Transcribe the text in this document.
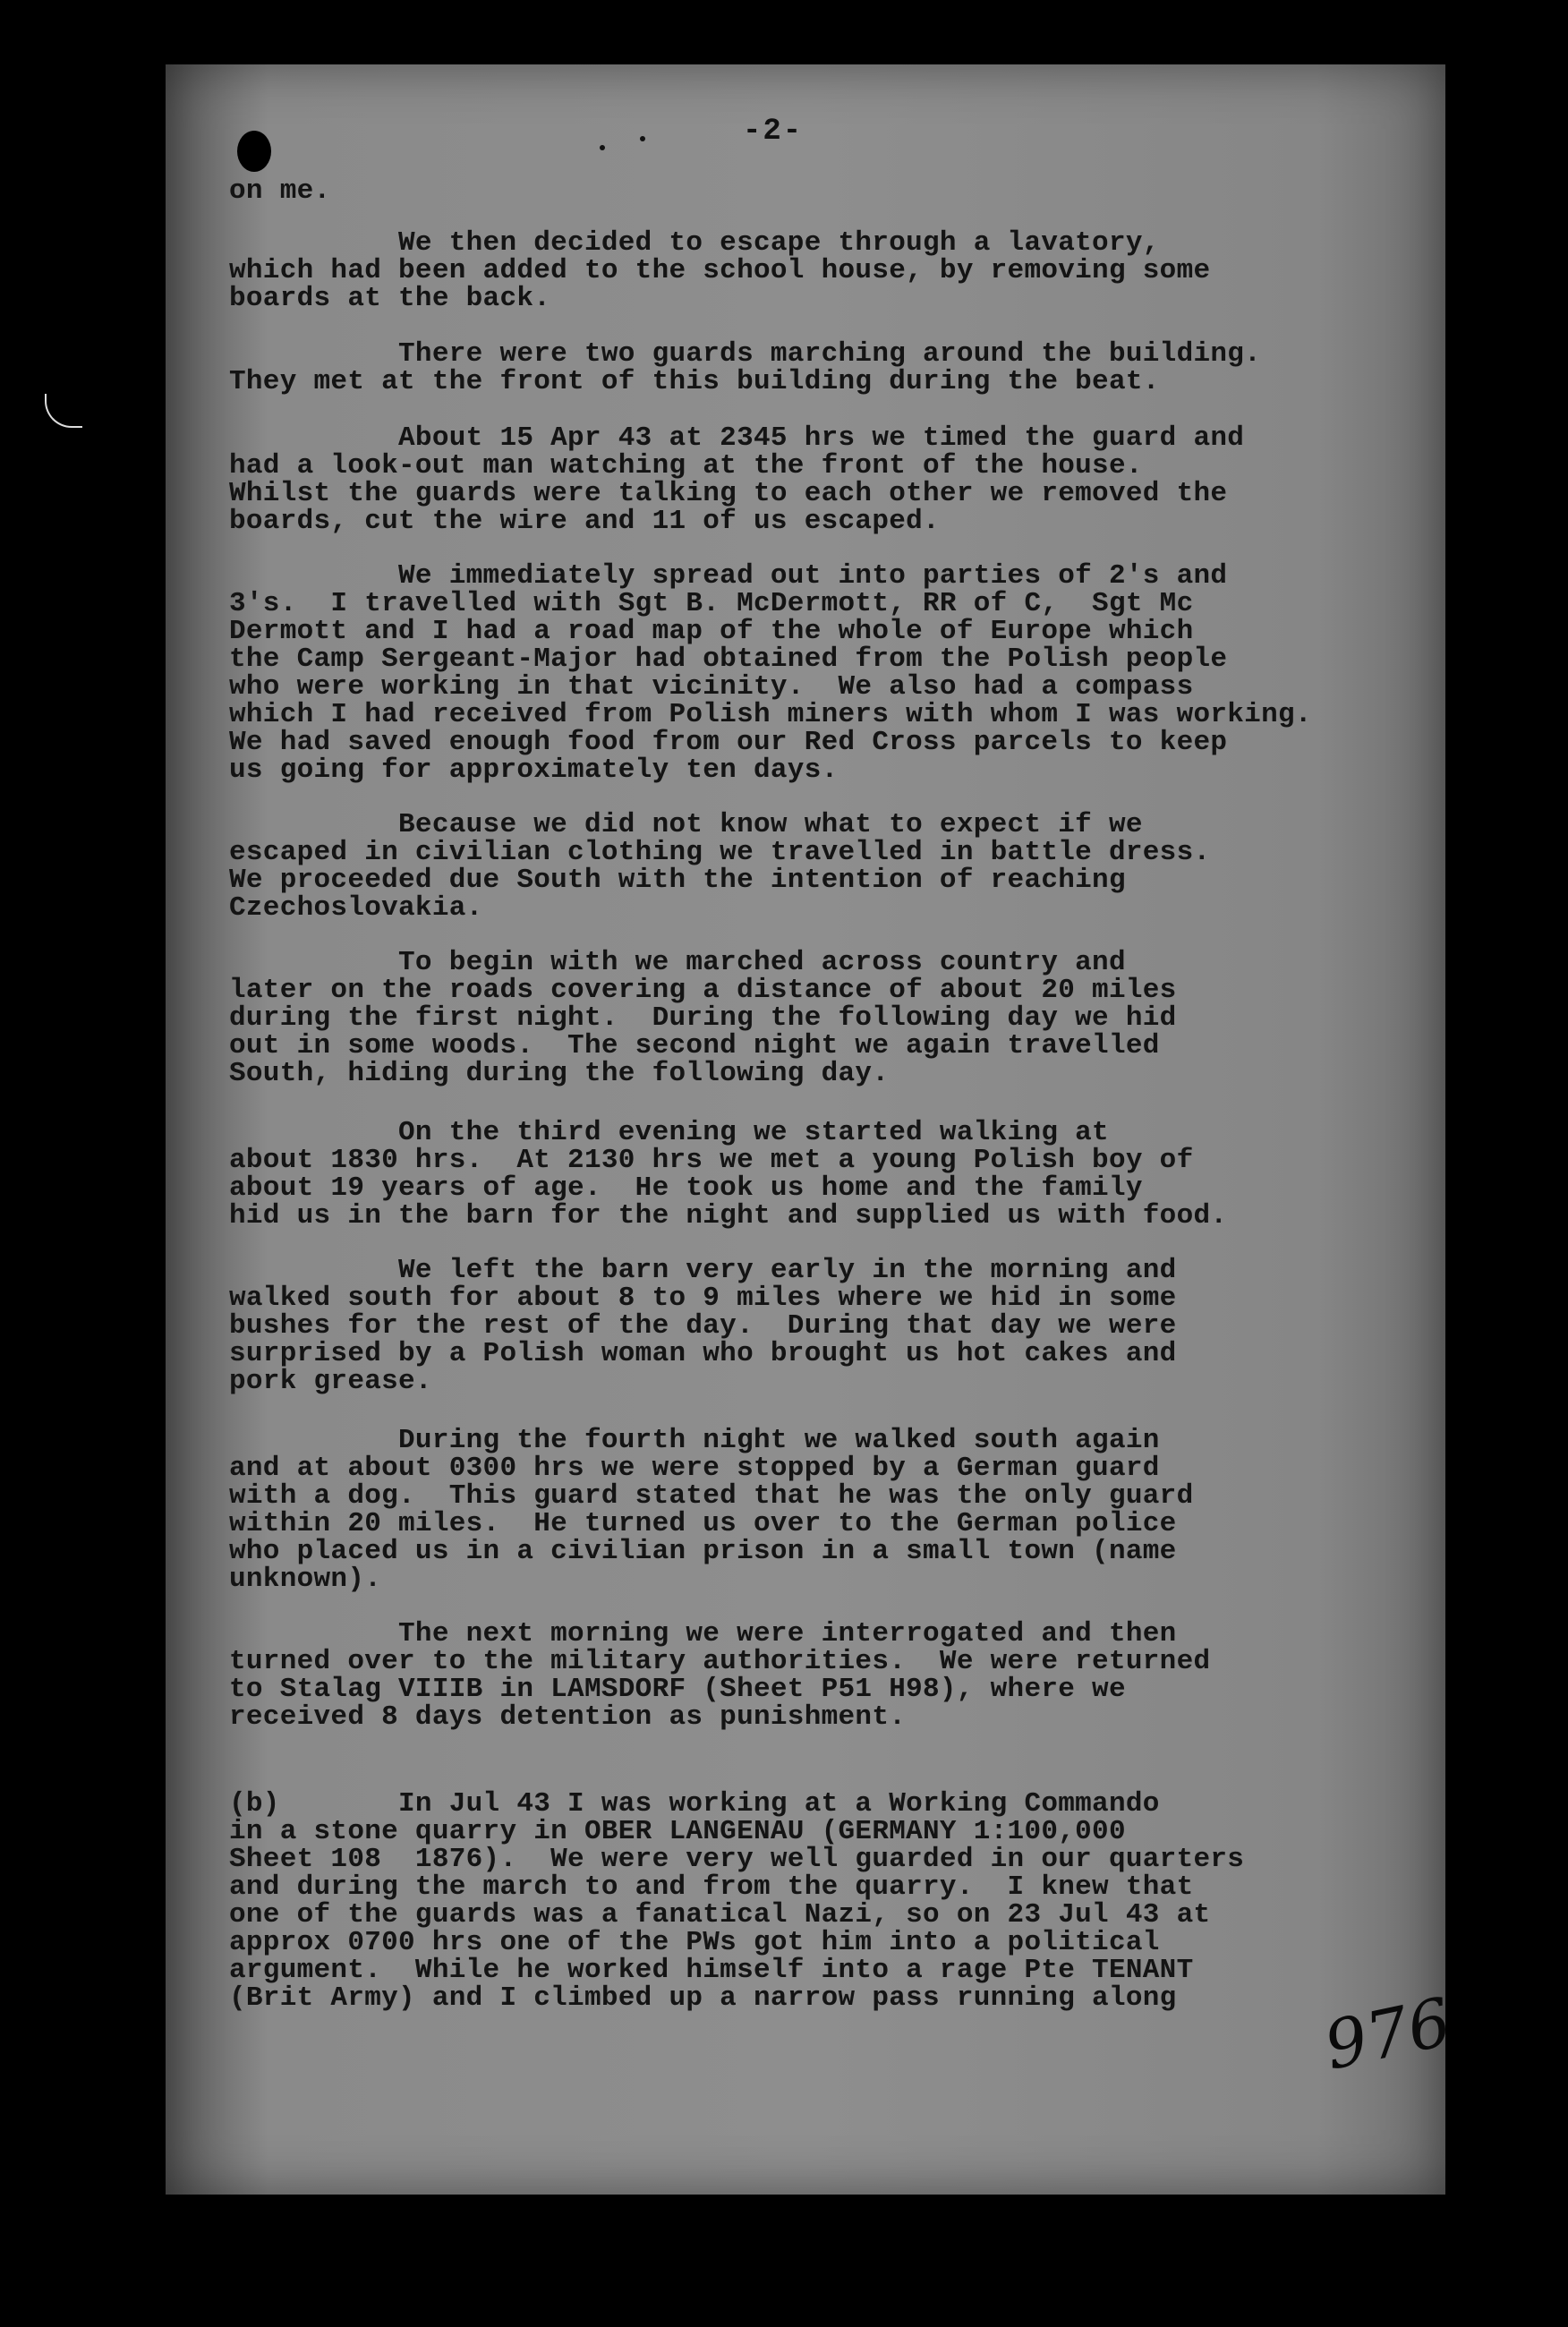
-2-

on me.

We then decided to escape through a lavatory,
which had been added to the school house, by removing some
boards at the back.

There were two guards marching around the building.
They met at the front of this building during the beat.

About 15 Apr 43 at 2345 hrs we timed the guard and
had a look-out man watching at the front of the house.
Whilst the guards were talking to each other we removed the
boards, cut the wire and 11 of us escaped.

We immediately spread out into parties of 2's and
3's.  I travelled with Sgt B. McDermott, RR of C,  Sgt Mc
Dermott and I had a road map of the whole of Europe which
the Camp Sergeant-Major had obtained from the Polish people
who were working in that vicinity.  We also had a compass
which I had received from Polish miners with whom I was working.
We had saved enough food from our Red Cross parcels to keep
us going for approximately ten days.

Because we did not know what to expect if we
escaped in civilian clothing we travelled in battle dress.
We proceeded due South with the intention of reaching
Czechoslovakia.

To begin with we marched across country and
later on the roads covering a distance of about 20 miles
during the first night.  During the following day we hid
out in some woods.  The second night we again travelled
South, hiding during the following day.

On the third evening we started walking at
about 1830 hrs.  At 2130 hrs we met a young Polish boy of
about 19 years of age.  He took us home and the family
hid us in the barn for the night and supplied us with food.

We left the barn very early in the morning and
walked south for about 8 to 9 miles where we hid in some
bushes for the rest of the day.  During that day we were
surprised by a Polish woman who brought us hot cakes and
pork grease.

During the fourth night we walked south again
and at about 0300 hrs we were stopped by a German guard
with a dog.  This guard stated that he was the only guard
within 20 miles.  He turned us over to the German police
who placed us in a civilian prison in a small town (name
unknown).

The next morning we were interrogated and then
turned over to the military authorities.  We were returned
to Stalag VIIIB in LAMSDORF (Sheet P51 H98), where we
received 8 days detention as punishment.

(b)       In Jul 43 I was working at a Working Commando
in a stone quarry in OBER LANGENAU (GERMANY 1:100,000
Sheet 108  1876).  We were very well guarded in our quarters
and during the march to and from the quarry.  I knew that
one of the guards was a fanatical Nazi, so on 23 Jul 43 at
approx 0700 hrs one of the PWs got him into a political
argument.  While he worked himself into a rage Pte TENANT
(Brit Army) and I climbed up a narrow pass running along	976
